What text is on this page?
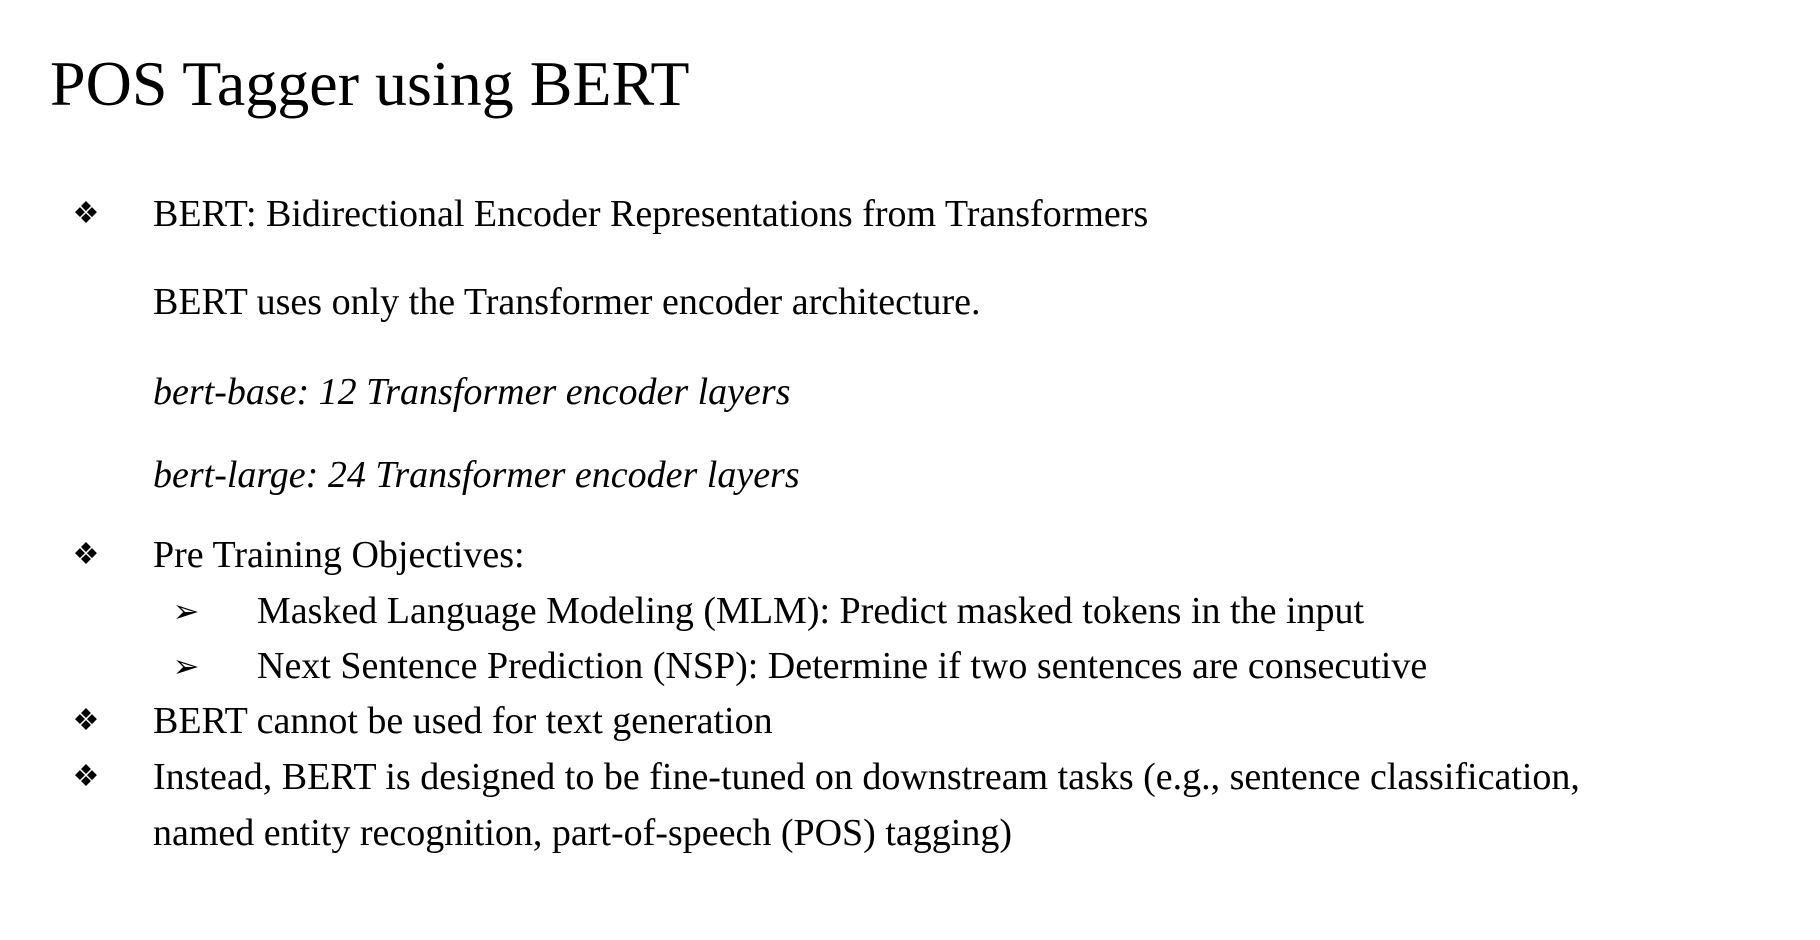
POS Tagger using BERT
❖ BERT: Bidirectional Encoder Representations from Transformers
BERT uses only the Transformer encoder architecture.
bert-base: 12 Transformer encoder layers
bert-large: 24 Transformer encoder layers
❖ Pre Training Objectives:
➢ Masked Language Modeling (MLM): Predict masked tokens in the input
➢ Next Sentence Prediction (NSP): Determine if two sentences are consecutive
❖ BERT cannot be used for text generation
❖ Instead, BERT is designed to be fine-tuned on downstream tasks (e.g., sentence classification,
named entity recognition, part-of-speech (POS) tagging)
